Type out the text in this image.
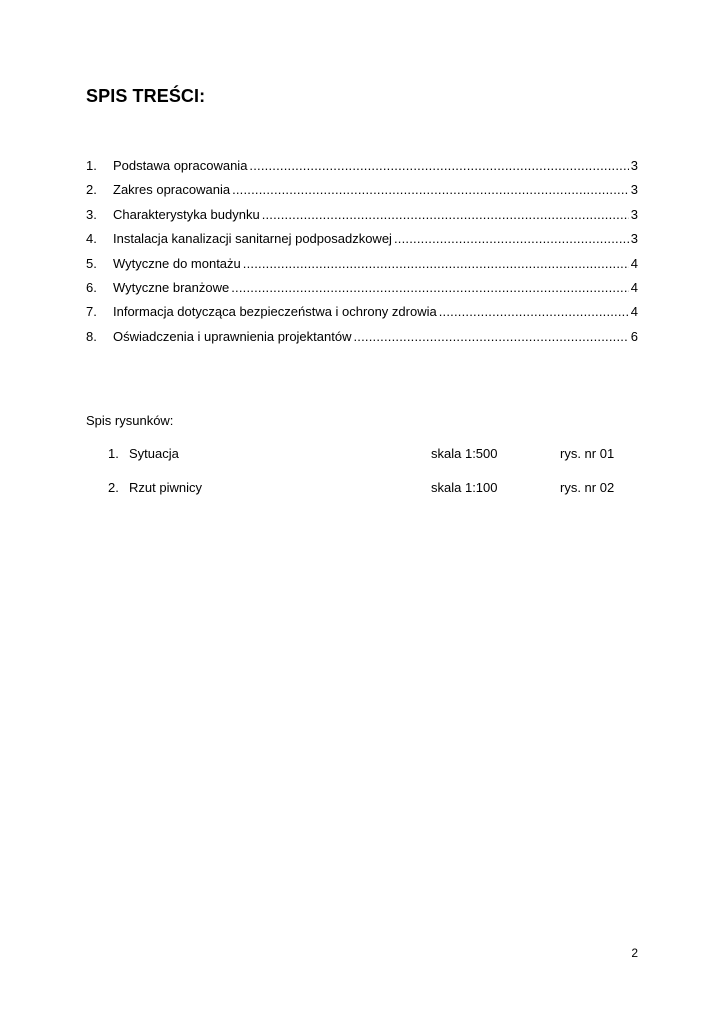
SPIS TREŚCI:
1.	Podstawa opracowania .....	3
2.	Zakres opracowania .....	3
3.	Charakterystyka budynku .....	3
4.	Instalacja kanalizacji sanitarnej podposadzkowej .....	3
5.	Wytyczne do montażu .....	4
6.	Wytyczne branżowe .....	4
7.	Informacja dotycząca bezpieczeństwa i ochrony zdrowia .....	4
8.	Oświadczenia i uprawnienia projektantów .....	6

Spis rysunków:

1. Sytuacja	skala 1:500	rys. nr 01
2. Rzut piwnicy	skala 1:100	rys. nr 02
2
